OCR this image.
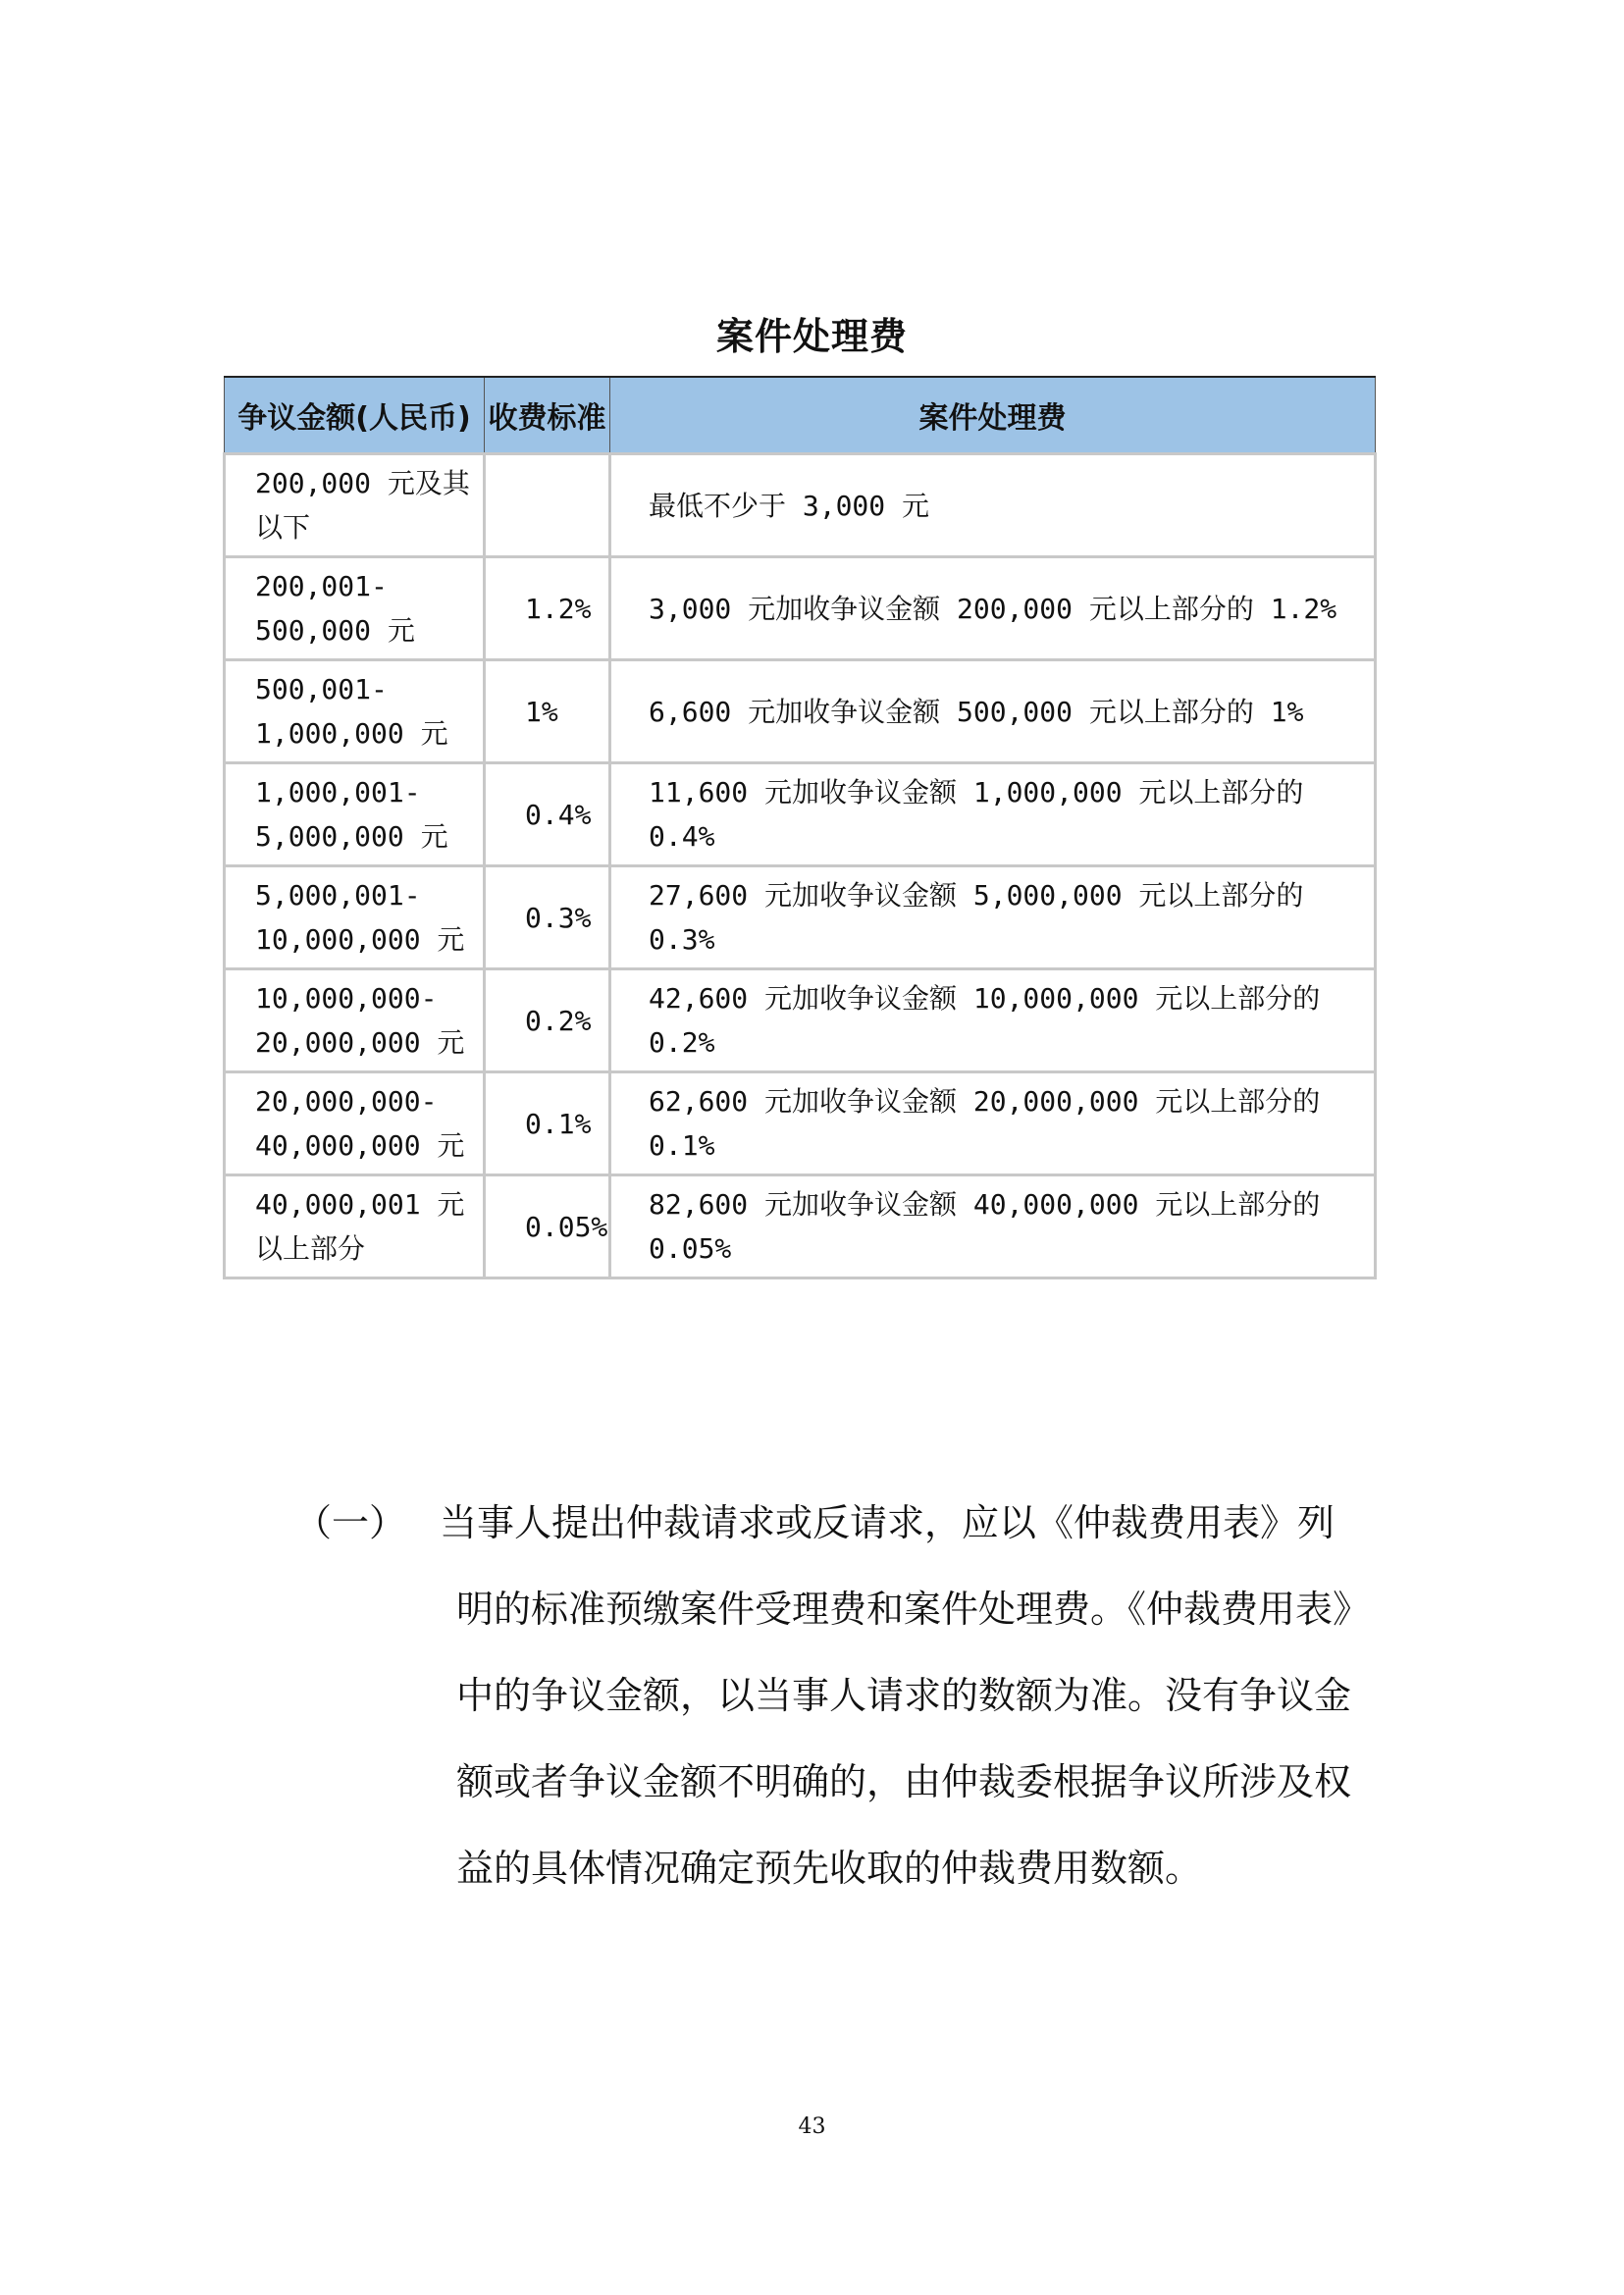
案件处理费
争议金额(人民币)	收费标准	案件处理费
200,000 元及其以下		最低不少于 3,000 元
200,001-500,000 元	1.2%	3,000 元加收争议金额 200,000 元以上部分的 1.2%
500,001-1,000,000 元	1%	6,600 元加收争议金额 500,000 元以上部分的 1%
1,000,001-5,000,000 元	0.4%	11,600 元加收争议金额 1,000,000 元以上部分的 0.4%
5,000,001-10,000,000 元	0.3%	27,600 元加收争议金额 5,000,000 元以上部分的 0.3%
10,000,000-20,000,000 元	0.2%	42,600 元加收争议金额 10,000,000 元以上部分的 0.2%
20,000,000-40,000,000 元	0.1%	62,600 元加收争议金额 20,000,000 元以上部分的 0.1%
40,000,001 元以上部分	0.05%	82,600 元加收争议金额 40,000,000 元以上部分的 0.05%
（一） 当事人提出仲裁请求或反请求，应以《仲裁费用表》列
明的标准预缴案件受理费和案件处理费。《仲裁费用表》
中的争议金额，以当事人请求的数额为准。没有争议金
额或者争议金额不明确的，由仲裁委根据争议所涉及权
益的具体情况确定预先收取的仲裁费用数额。
43
